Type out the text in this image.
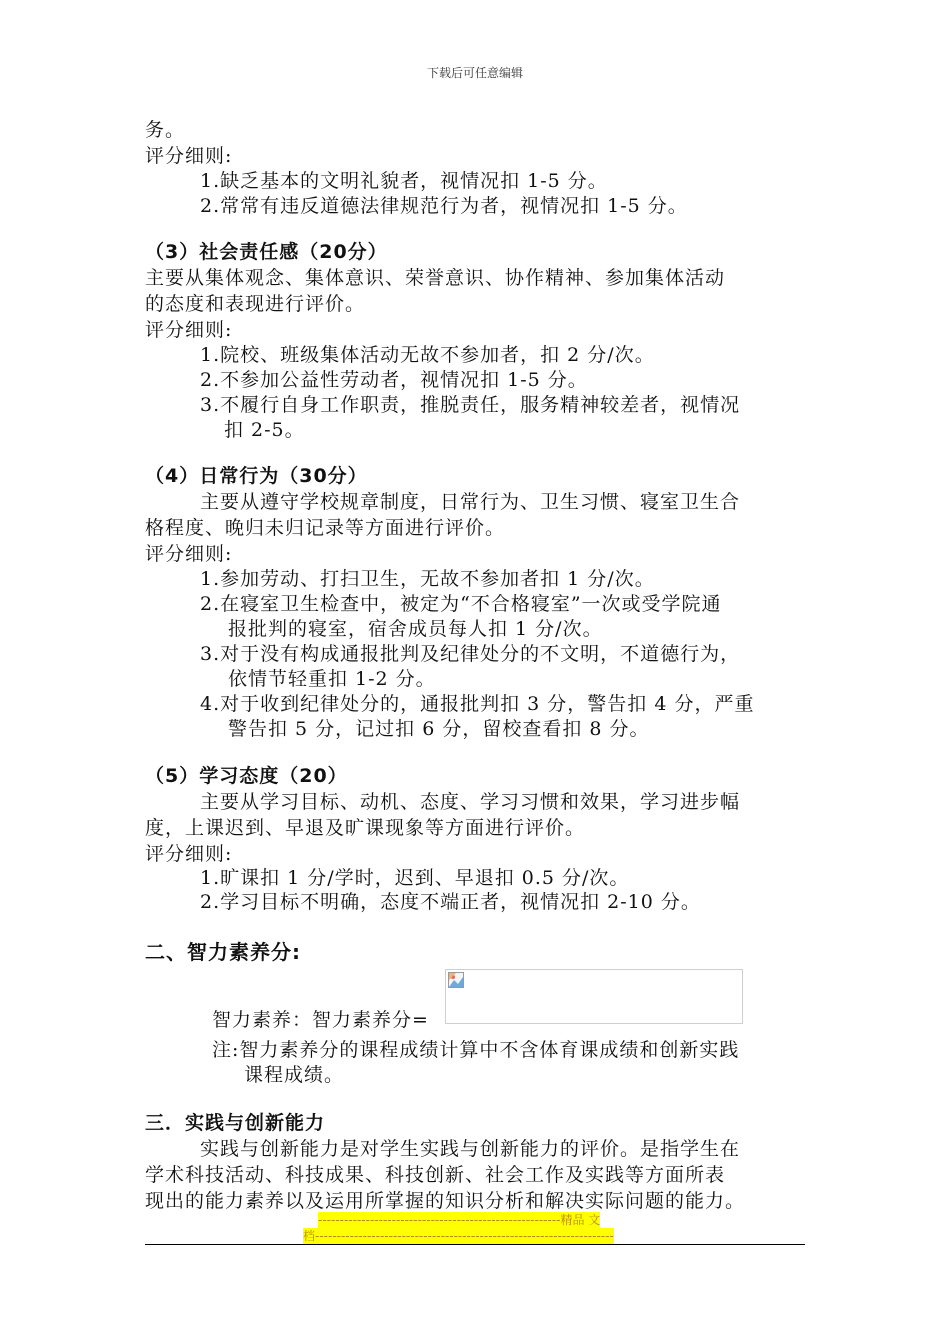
下载后可任意编辑
务。
评分细则:
1.缺乏基本的文明礼貌者，视情况扣 1-5 分。
2.常常有违反道德法律规范行为者，视情况扣 1-5 分。
（3）社会责任感（20分）
主要从集体观念、集体意识、荣誉意识、协作精神、参加集体活动
的态度和表现进行评价。
评分细则:
1.院校、班级集体活动无故不参加者，扣 2 分/次。
2.不参加公益性劳动者，视情况扣 1-5 分。
3.不履行自身工作职责，推脱责任，服务精神较差者，视情况
扣 2-5。
（4）日常行为（30分）
主要从遵守学校规章制度，日常行为、卫生习惯、寝室卫生合
格程度、晚归未归记录等方面进行评价。
评分细则:
1.参加劳动、打扫卫生，无故不参加者扣 1 分/次。
2.在寝室卫生检查中，被定为“不合格寝室”一次或受学院通
报批判的寝室，宿舍成员每人扣 1 分/次。
3.对于没有构成通报批判及纪律处分的不文明，不道德行为，
依情节轻重扣 1-2 分。
4.对于收到纪律处分的，通报批判扣 3 分，警告扣 4 分，严重
警告扣 5 分，记过扣 6 分，留校查看扣 8 分。
（5）学习态度（20）
主要从学习目标、动机、态度、学习习惯和效果，学习进步幅
度，上课迟到、早退及旷课现象等方面进行评价。
评分细则:
1.旷课扣 1 分/学时，迟到、早退扣 0.5 分/次。
2.学习目标不明确，态度不端正者，视情况扣 2-10 分。
二、智力素养分:
智力素养：智力素养分=
注:智力素养分的课程成绩计算中不含体育课成绩和创新实践
课程成绩。
三．实践与创新能力
实践与创新能力是对学生实践与创新能力的评价。是指学生在
学术科技活动、科技成果、科技创新、社会工作及实践等方面所表
现出的能力素养以及运用所掌握的知识分析和解决实际问题的能力。
--------------------------------------------------------精品 文
档---------------------------------------------------------------------
